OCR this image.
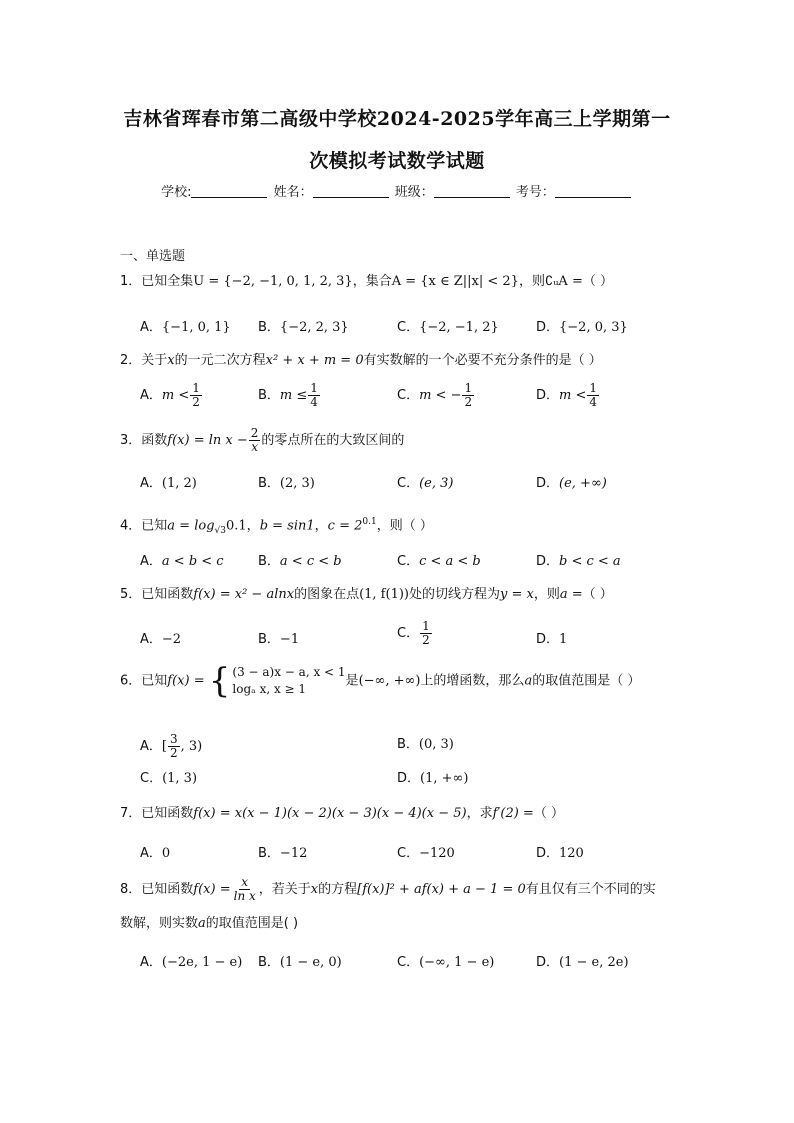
吉林省珲春市第二高级中学校2024-2025学年高三上学期第一
次模拟考试数学试题
学校:	姓名：	班级：	考号：
一、单选题
1．已知全集U = {−2, −1, 0, 1, 2, 3}，集合A = {x ∈ Z||x| < 2}，则∁ᵤA =（ ）
A．{−1, 0, 1} B．{−2, 2, 3}	C．{−2, −1, 2}	D．{−2, 0, 3}
2．关于x的一元二次方程x² + x + m = 0有实数解的一个必要不充分条件的是（ ）
A．$m < \frac{1}{2}$	B．$m \le \frac{1}{4}$	C．m < − $\frac{1}{2}$	D．$m < \frac{1}{4}$
3．函数$f(x) = \ln x - \frac{2}{x}$ 的零点所在的大致区间的
A．(1, 2)	B．(2, 3)	C．(e, 3)	D．(e, +∞)
4．已知$a = \log_{√3}0.1$，b = sin1，$c = 2^{0.1}$，则（ ）
A．a < b < c	B．a < c < b	C．c < a < b	D．b < c < a
5．已知函数f(x) = x² − alnx的图象在点(1, f(1))处的切线方程为y = x，则a =（ ）
A．−2	B．−1	C． $\frac{1}{2}$	D．1
6．已知f(x) = { (3 − a)x − a, x < 1
logₐ x, x ≥ 1
是(−∞, +∞)上的增函数，那么a的取值范围是（ ）
A．[ $\frac{3}{2}$ , 3)	B．(0, 3)
C．(1, 3)	D．(1, +∞)
7．已知函数f(x) = x(x − 1)(x − 2)(x − 3)(x − 4)(x − 5)，求f′(2) =（ ）
A．0	B．−12	C．−120	D．120
8．已知函数$f(x) = \frac{x}{\text{ln x}}$ ，若关于x的方程[f(x)]² + af(x) + a − 1 = 0有且仅有三个不同的实
数解，则实数a的取值范围是( )
A．(−2e, 1 − e) B．(1 − e, 0)	C．(−∞, 1 − e)	D．(1 − e, 2e)
